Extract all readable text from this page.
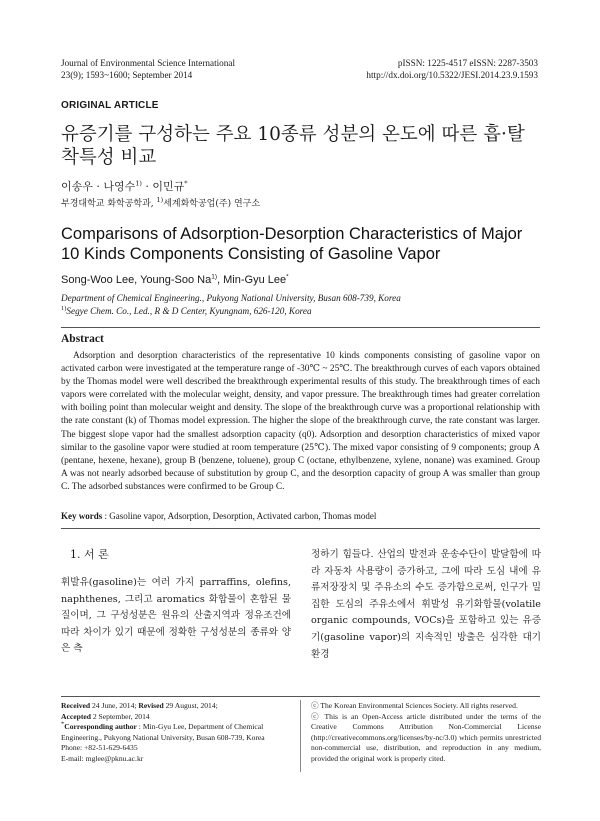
Journal of Environmental Science International
23(9); 1593~1600; September 2014
pISSN: 1225-4517 eISSN: 2287-3503
http://dx.doi.org/10.5322/JESI.2014.23.9.1593
ORIGINAL ARTICLE
유증기를 구성하는 주요 10종류 성분의 온도에 따른 흡·탈착특성 비교
이송우 · 나영수$^{1)}$ · 이민규*
부경대학교 화학공학과, $^{1)}$세계화학공업(주) 연구소
Comparisons of Adsorption-Desorption Characteristics of Major 10 Kinds Components Consisting of Gasoline Vapor
Song-Woo Lee, Young-Soo Na$^{1)}$, Min-Gyu Lee*
Department of Chemical Engineering., Pukyong National University, Busan 608-739, Korea
$^{1)}$Segye Chem. Co., Led., R & D Center, Kyungnam, 626-120, Korea
Abstract

Adsorption and desorption characteristics of the representative 10 kinds components consisting of gasoline vapor on activated carbon were investigated at the temperature range of -30℃ ~ 25℃. The breakthrough curves of each vapors obtained by the Thomas model were well described the breakthrough experimental results of this study. The breakthrough times of each vapors were correlated with the molecular weight, density, and vapor pressure. The breakthrough times had greater correlation with boiling point than molecular weight and density. The slope of the breakthrough curve was a proportional relationship with the rate constant (k) of Thomas model expression. The higher the slope of the breakthrough curve, the rate constant was larger. The biggest slope vapor had the smallest adsorption capacity (q0). Adsorption and desorption characteristics of mixed vapor similar to the gasoline vapor were studied at room temperature (25℃). The mixed vapor consisting of 9 components; group A (pentane, hexene, hexane), group B (benzene, toluene), group C (octane, ethylbenzene, xylene, nonane) was examined. Group A was not nearly adsorbed because of substitution by group C, and the desorption capacity of group A was smaller than group C. The adsorbed substances were confirmed to be Group C.

Key words : Gasoline vapor, Adsorption, Desorption, Activated carbon, Thomas model
1. 서 론

휘발유(gasoline)는 여러 가지 parraffins, olefins, naphthenes, 그리고 aromatics 화합물이 혼합된 물질이며, 그 구성성분은 원유의 산출지역과 정유조건에 따라 차이가 있기 때문에 정확한 구성성분의 종류와 양은 측

정하기 힘들다. 산업의 발전과 운송수단이 발달함에 따라 자동차 사용량이 증가하고, 그에 따라 도심 내에 유류저장장치 및 주유소의 수도 증가함으로써, 인구가 밀집한 도심의 주유소에서 휘발성 유기화합물(volatile organic compounds, VOCs)을 포함하고 있는 유증기(gasoline vapor)의 지속적인 방출은 심각한 대기 환경

Received 24 June, 2014; Revised 29 August, 2014;
Accepted 2 September, 2014
*Corresponding author : Min-Gyu Lee, Department of Chemical Engineering., Pukyong National University, Busan 608-739, Korea
Phone: +82-51-629-6435
E-mail: mglee@pknu.ac.kr
ⓒ The Korean Environmental Sciences Society. All rights reserved.
ⓒ This is an Open-Access article distributed under the terms of the Creative Commons Attribution Non-Commercial License (http://creativecommons.org/licenses/by-nc/3.0) which permits unrestricted non-commercial use, distribution, and reproduction in any medium, provided the original work is properly cited.
